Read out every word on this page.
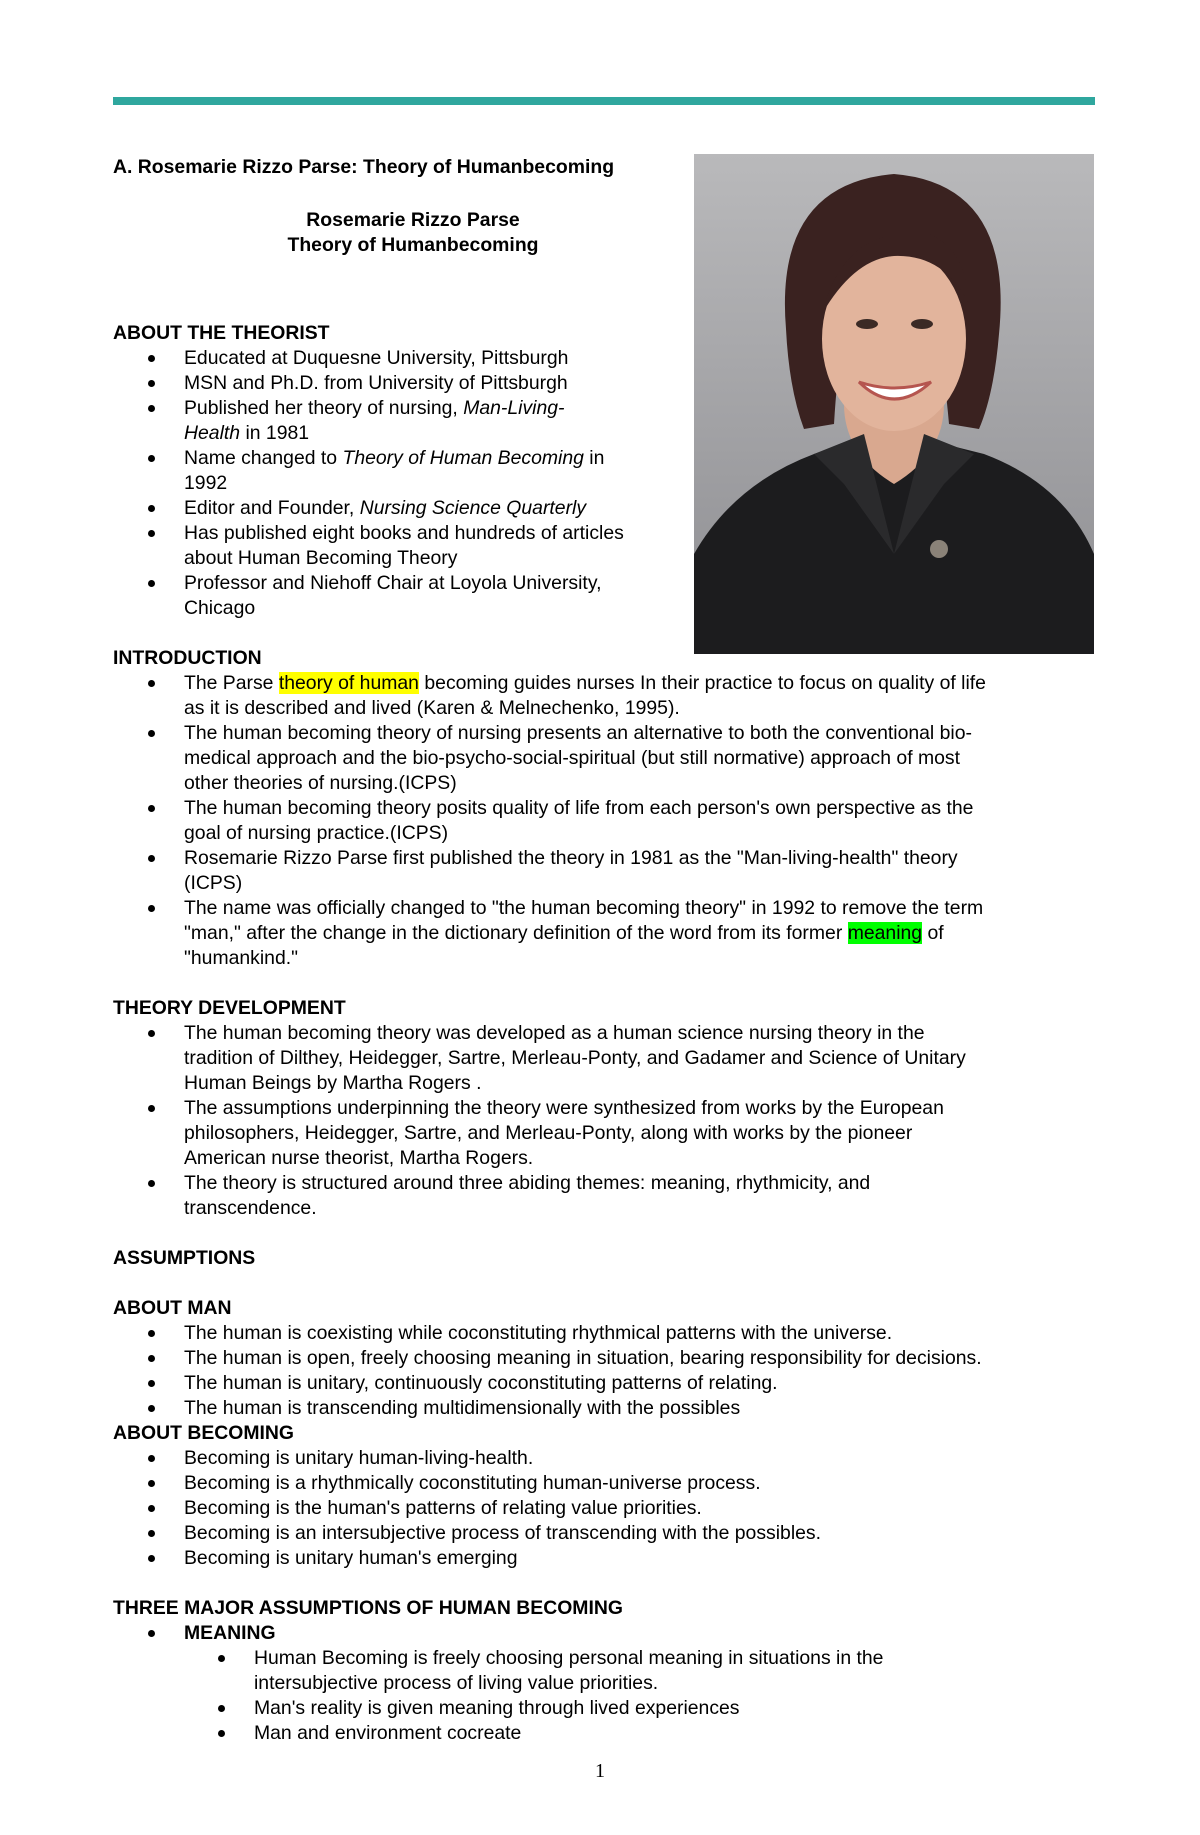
A. Rosemarie Rizzo Parse: Theory of Humanbecoming
Rosemarie Rizzo Parse
Theory of Humanbecoming
ABOUT THE THEORIST
Educated at Duquesne University, Pittsburgh
MSN and Ph.D. from University of Pittsburgh
Published her theory of nursing, Man-Living-
Health in 1981
Name changed to Theory of Human Becoming in
1992
Editor and Founder, Nursing Science Quarterly
Has published eight books and hundreds of articles
about Human Becoming Theory
Professor and Niehoff Chair at Loyola University,
Chicago
INTRODUCTION
The Parse theory of human becoming guides nurses In their practice to focus on quality of life
as it is described and lived (Karen & Melnechenko, 1995).
The human becoming theory of nursing presents an alternative to both the conventional bio-
medical approach and the bio-psycho-social-spiritual (but still normative) approach of most
other theories of nursing.(ICPS)
The human becoming theory posits quality of life from each person's own perspective as the
goal of nursing practice.(ICPS)
Rosemarie Rizzo Parse first published the theory in 1981 as the "Man-living-health" theory
(ICPS)
The name was officially changed to "the human becoming theory" in 1992 to remove the term
"man," after the change in the dictionary definition of the word from its former meaning of
"humankind."
THEORY DEVELOPMENT
The human becoming theory was developed as a human science nursing theory in the
tradition of Dilthey, Heidegger, Sartre, Merleau-Ponty, and Gadamer and Science of Unitary
Human Beings by Martha Rogers .
The assumptions underpinning the theory were synthesized from works by the European
philosophers, Heidegger, Sartre, and Merleau-Ponty, along with works by the pioneer
American nurse theorist, Martha Rogers.
The theory is structured around three abiding themes: meaning, rhythmicity, and
transcendence.
ASSUMPTIONS
ABOUT MAN
The human is coexisting while coconstituting rhythmical patterns with the universe.
The human is open, freely choosing meaning in situation, bearing responsibility for decisions.
The human is unitary, continuously coconstituting patterns of relating.
The human is transcending multidimensionally with the possibles
ABOUT BECOMING
Becoming is unitary human-living-health.
Becoming is a rhythmically coconstituting human-universe process.
Becoming is the human's patterns of relating value priorities.
Becoming is an intersubjective process of transcending with the possibles.
Becoming is unitary human's emerging
THREE MAJOR ASSUMPTIONS OF HUMAN BECOMING
MEANING
Human Becoming is freely choosing personal meaning in situations in the
intersubjective process of living value priorities.
Man's reality is given meaning through lived experiences
Man and environment cocreate
1
